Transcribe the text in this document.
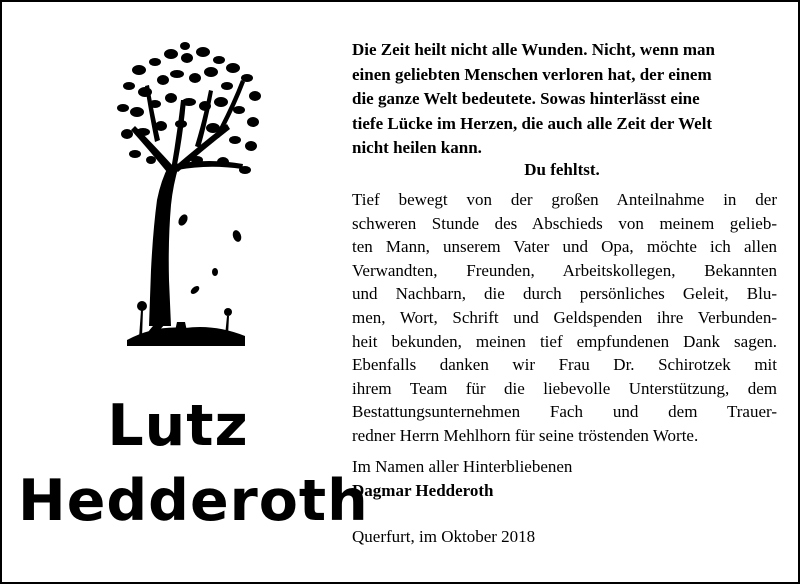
Lutz
Hedderoth
Die Zeit heilt nicht alle Wunden. Nicht, wenn man
einen geliebten Menschen verloren hat, der einem
die ganze Welt bedeutete. Sowas hinterlässt eine
tiefe Lücke im Herzen, die auch alle Zeit der Welt
nicht heilen kann.
Du fehltst.
Tief bewegt von der großen Anteilnahme in der
schweren Stunde des Abschieds von meinem gelieb-
ten Mann, unserem Vater und Opa, möchte ich allen
Verwandten, Freunden, Arbeitskollegen, Bekannten
und Nachbarn, die durch persönliches Geleit, Blu-
men, Wort, Schrift und Geldspenden ihre Verbunden-
heit bekunden, meinen tief empfundenen Dank sagen.
Ebenfalls danken wir Frau Dr. Schirotzek mit
ihrem Team für die liebevolle Unterstützung, dem
Bestattungsunternehmen Fach und dem Trauer-
redner Herrn Mehlhorn für seine tröstenden Worte.
Im Namen aller Hinterbliebenen
Dagmar Hedderoth
Querfurt, im Oktober 2018
